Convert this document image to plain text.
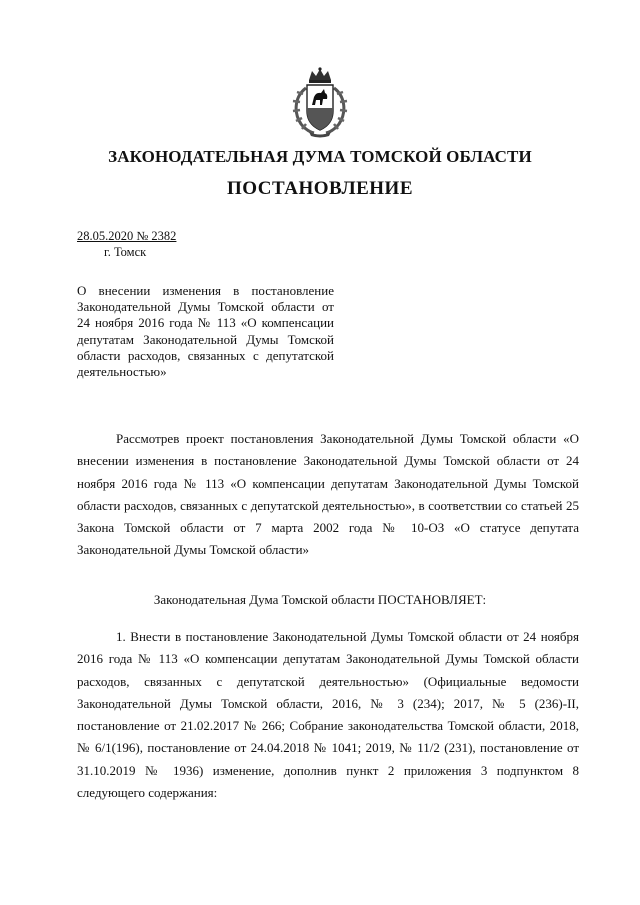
ЗАКОНОДАТЕЛЬНАЯ ДУМА ТОМСКОЙ ОБЛАСТИ
ПОСТАНОВЛЕНИЕ
28.05.2020 № 2382
г. Томск
О внесении изменения в постановление Законодательной Думы Томской области от 24 ноября 2016 года № 113 «О компенсации депутатам Законодательной Думы Томской области расходов, связанных с депутатской деятельностью»
Рассмотрев проект постановления Законодательной Думы Томской области «О внесении изменения в постановление Законодательной Думы Томской области от 24 ноября 2016 года № 113 «О компенсации депутатам Законодательной Думы Томской области расходов, связанных с депутатской деятельностью», в соответствии со статьей 25 Закона Томской области от 7 марта 2002 года № 10-ОЗ «О статусе депутата Законодательной Думы Томской области»
Законодательная Дума Томской области ПОСТАНОВЛЯЕТ:
1. Внести в постановление Законодательной Думы Томской области от 24 ноября 2016 года № 113 «О компенсации депутатам Законодательной Думы Томской области расходов, связанных с депутатской деятельностью» (Официальные ведомости Законодательной Думы Томской области, 2016, № 3 (234); 2017, № 5 (236)-II, постановление от 21.02.2017 № 266; Собрание законодательства Томской области, 2018, № 6/1(196), постановление от 24.04.2018 № 1041; 2019, № 11/2 (231), постановление от 31.10.2019 № 1936) изменение, дополнив пункт 2 приложения 3 подпунктом 8 следующего содержания:
